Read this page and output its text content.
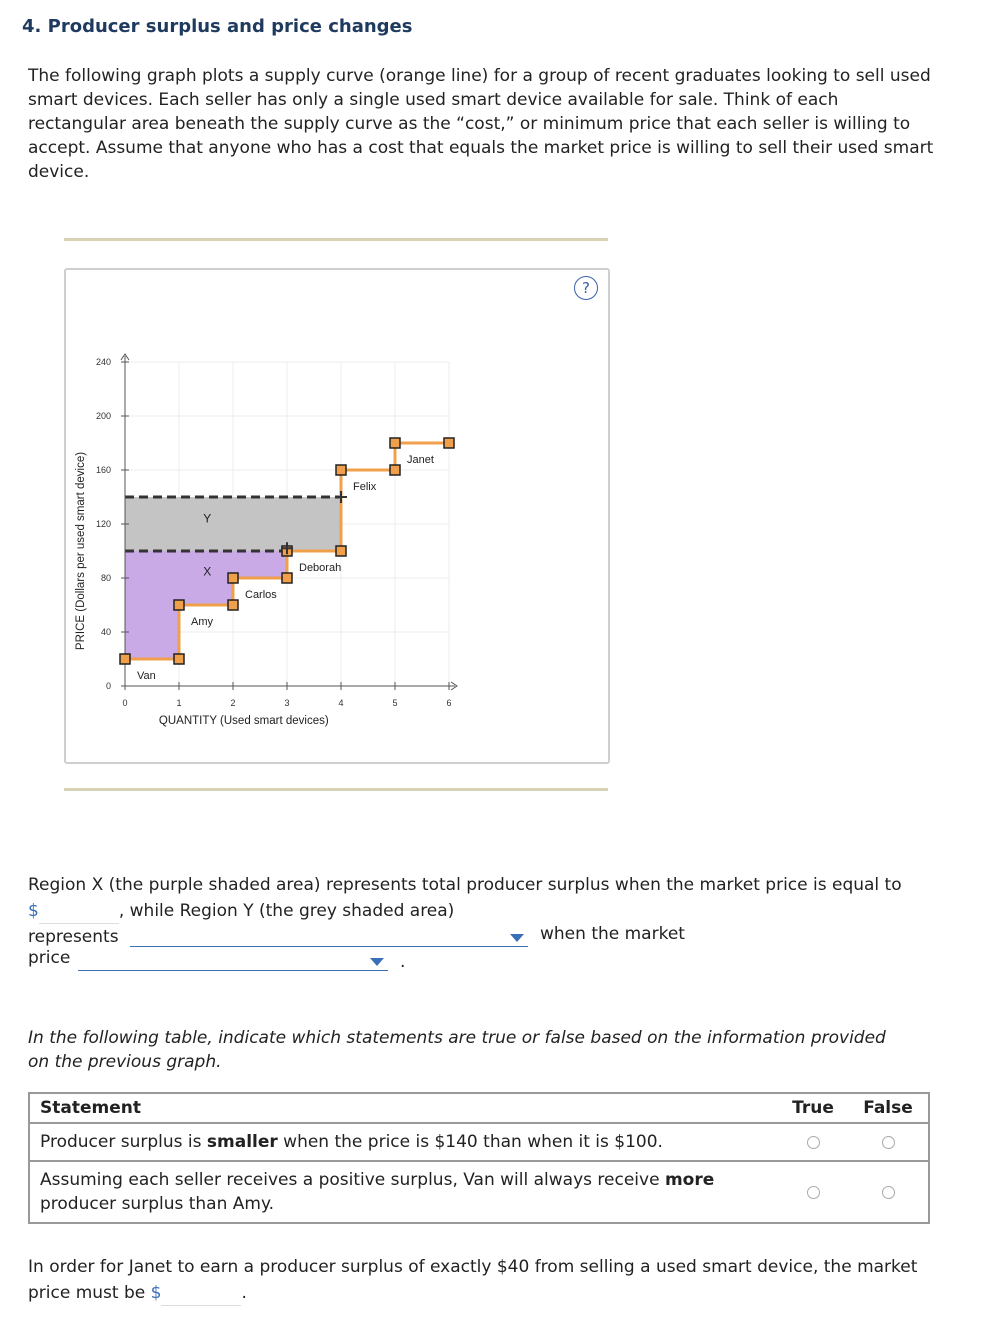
4. Producer surplus and price changes
The following graph plots a supply curve (orange line) for a group of recent graduates looking to sell used smart devices. Each seller has only a single used smart device available for sale. Think of each rectangular area beneath the supply curve as the “cost,” or minimum price that each seller is willing to accept. Assume that anyone who has a cost that equals the market price is willing to sell their used smart device.
?
0
40
80
120
160
200
240
0	1	2	3	4	5	6
QUANTITY (Used smart devices)
PRICE (Dollars per used smart device)
Van
Amy
Carlos
Deborah
Felix
Janet
X
Y
Region X (the purple shaded area) represents total producer surplus when the market price is equal to $	, while Region Y (the grey shaded area)
represents	when the market
price	.
In the following table, indicate which statements are true or false based on the information provided on the previous graph.
Statement	True	False
Producer surplus is smaller when the price is $140 than when it is $100.	

Assuming each seller receives a positive surplus, Van will always receive more producer surplus than Amy.	

In order for Janet to earn a producer surplus of exactly $40 from selling a used smart device, the market price must be $	.
